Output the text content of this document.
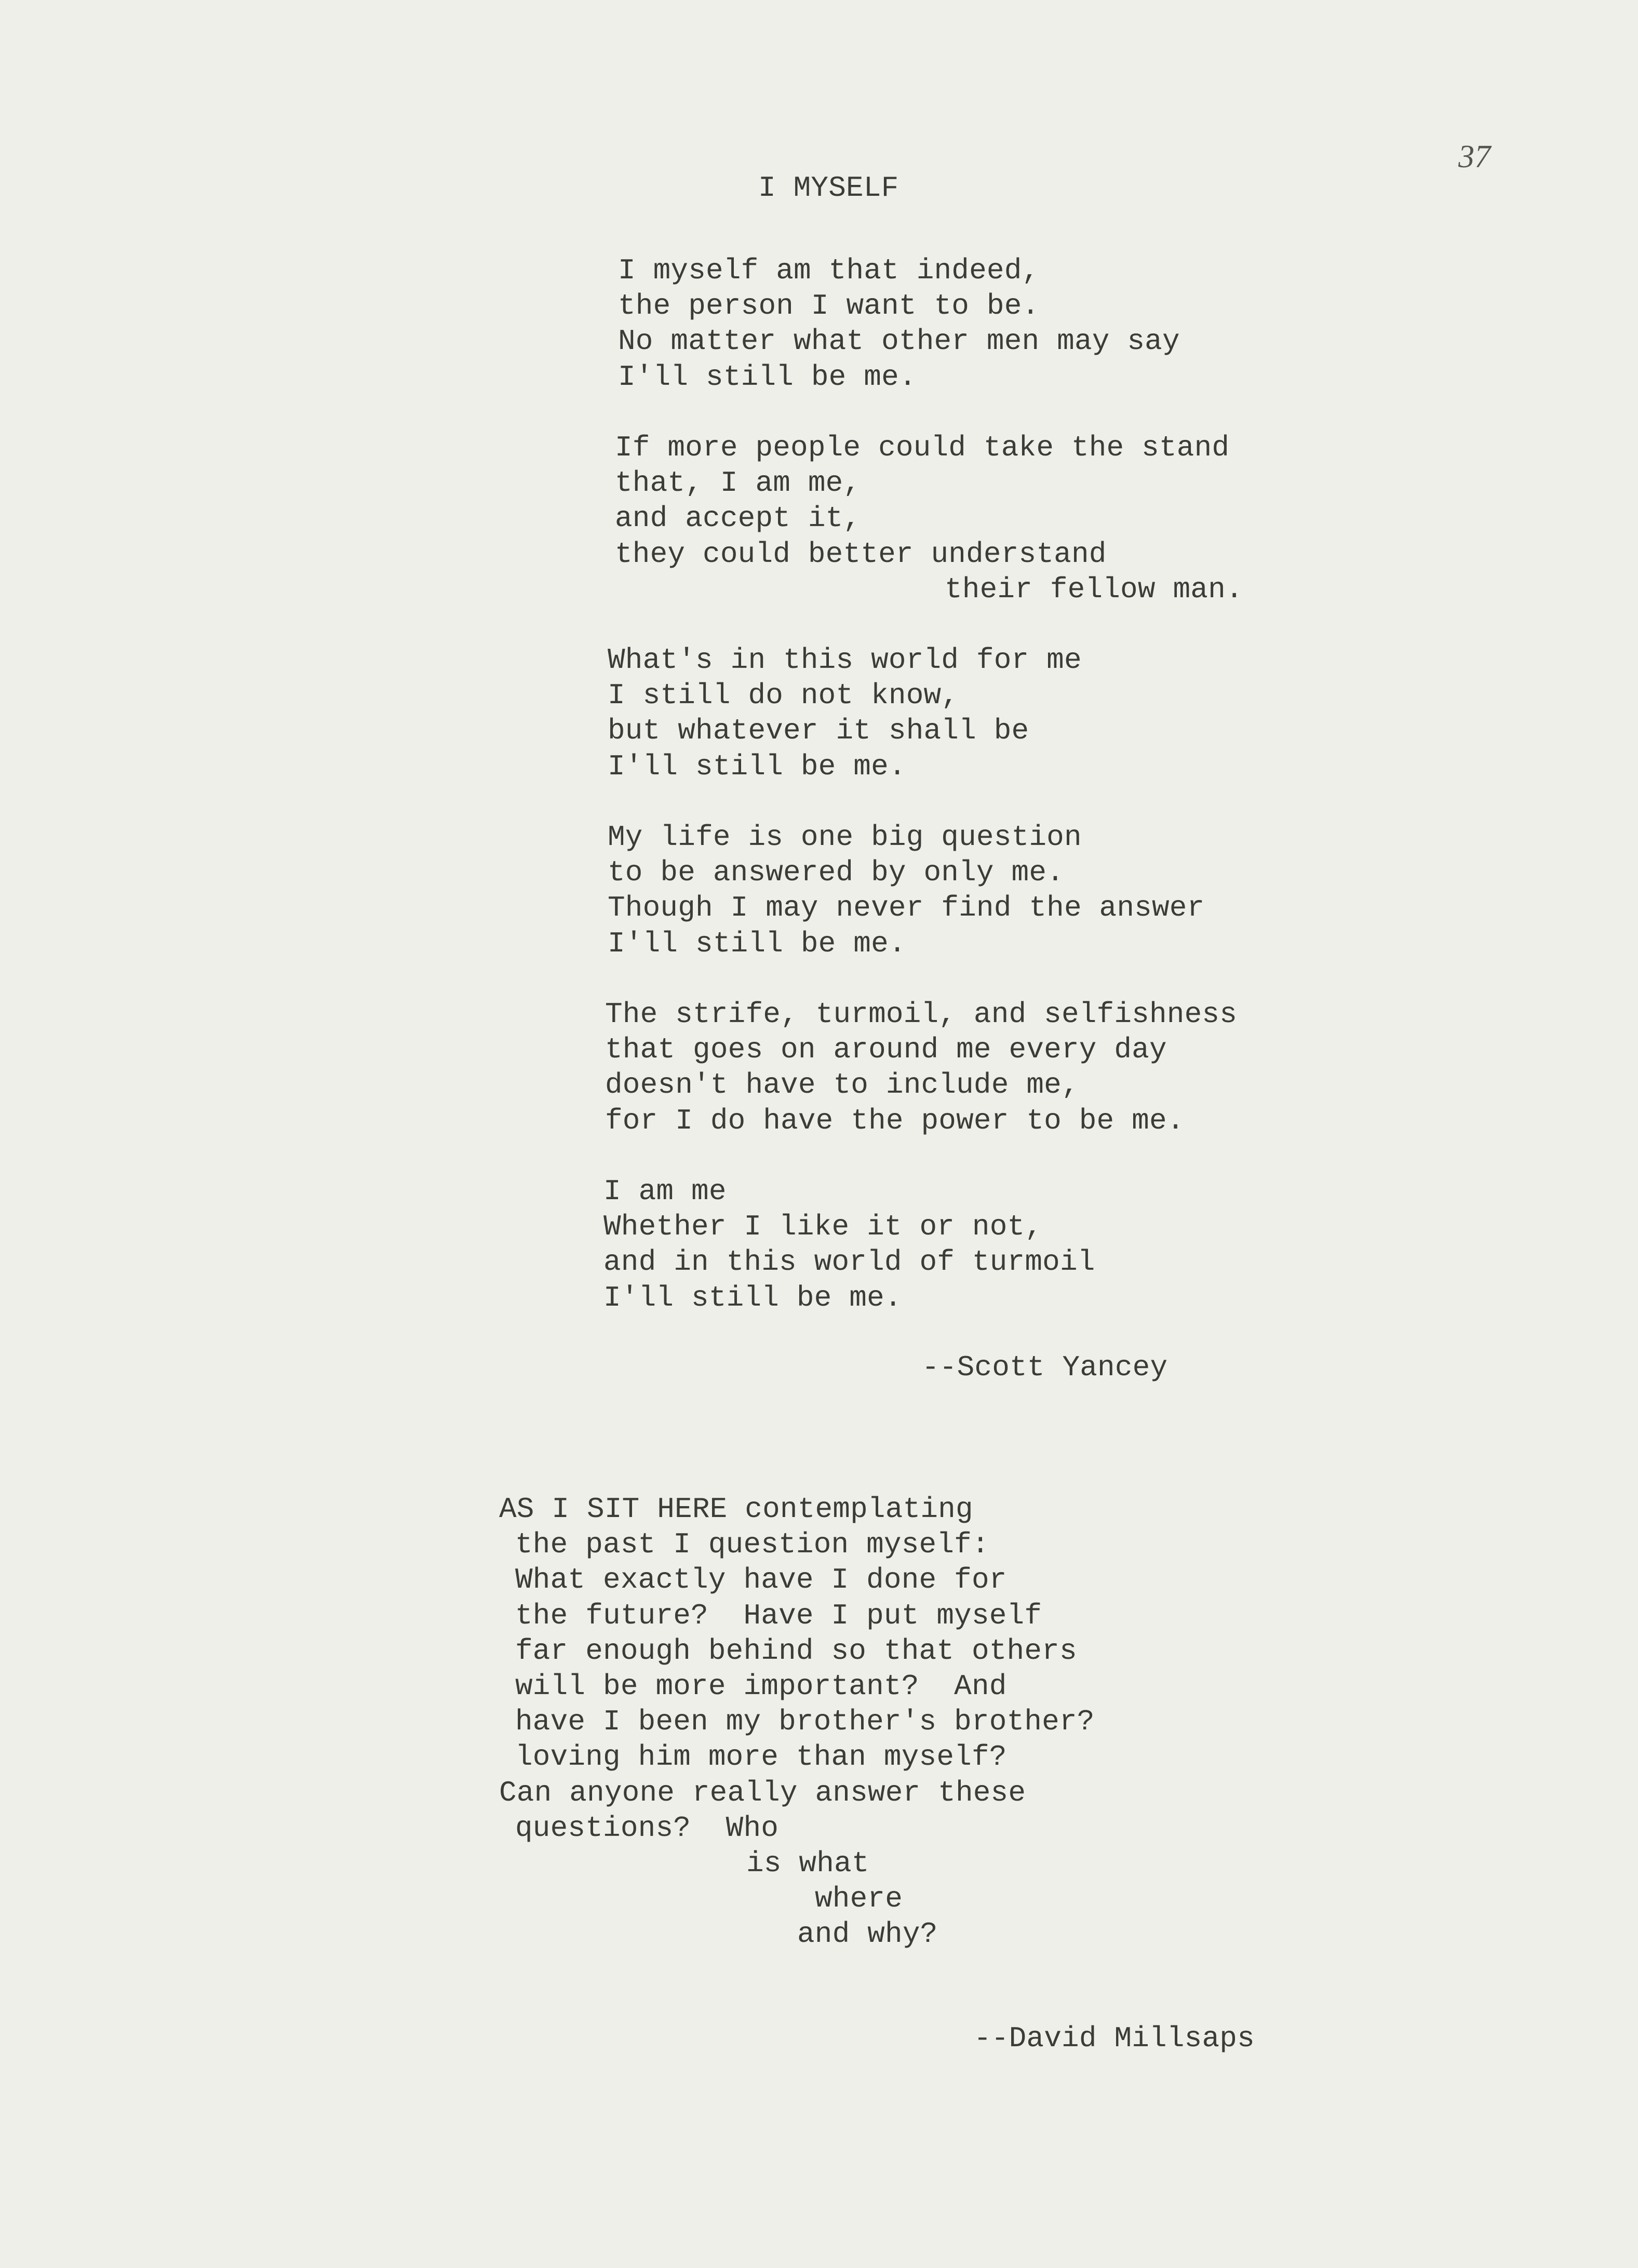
37
I MYSELF
I myself am that indeed,
the person I want to be.
No matter what other men may say
I'll still be me.
If more people could take the stand
that, I am me,
and accept it,
they could better understand
their fellow man.
What's in this world for me
I still do not know,
but whatever it shall be
I'll still be me.
My life is one big question
to be answered by only me.
Though I may never find the answer
I'll still be me.
The strife, turmoil, and selfishness
that goes on around me every day
doesn't have to include me,
for I do have the power to be me.
I am me
Whether I like it or not,
and in this world of turmoil
I'll still be me.
--Scott Yancey
AS I SIT HERE contemplating
the past I question myself:
What exactly have I done for
the future?  Have I put myself
far enough behind so that others
will be more important?  And
have I been my brother's brother?
loving him more than myself?
Can anyone really answer these
questions?  Who
is what
where
and why?
--David Millsaps
